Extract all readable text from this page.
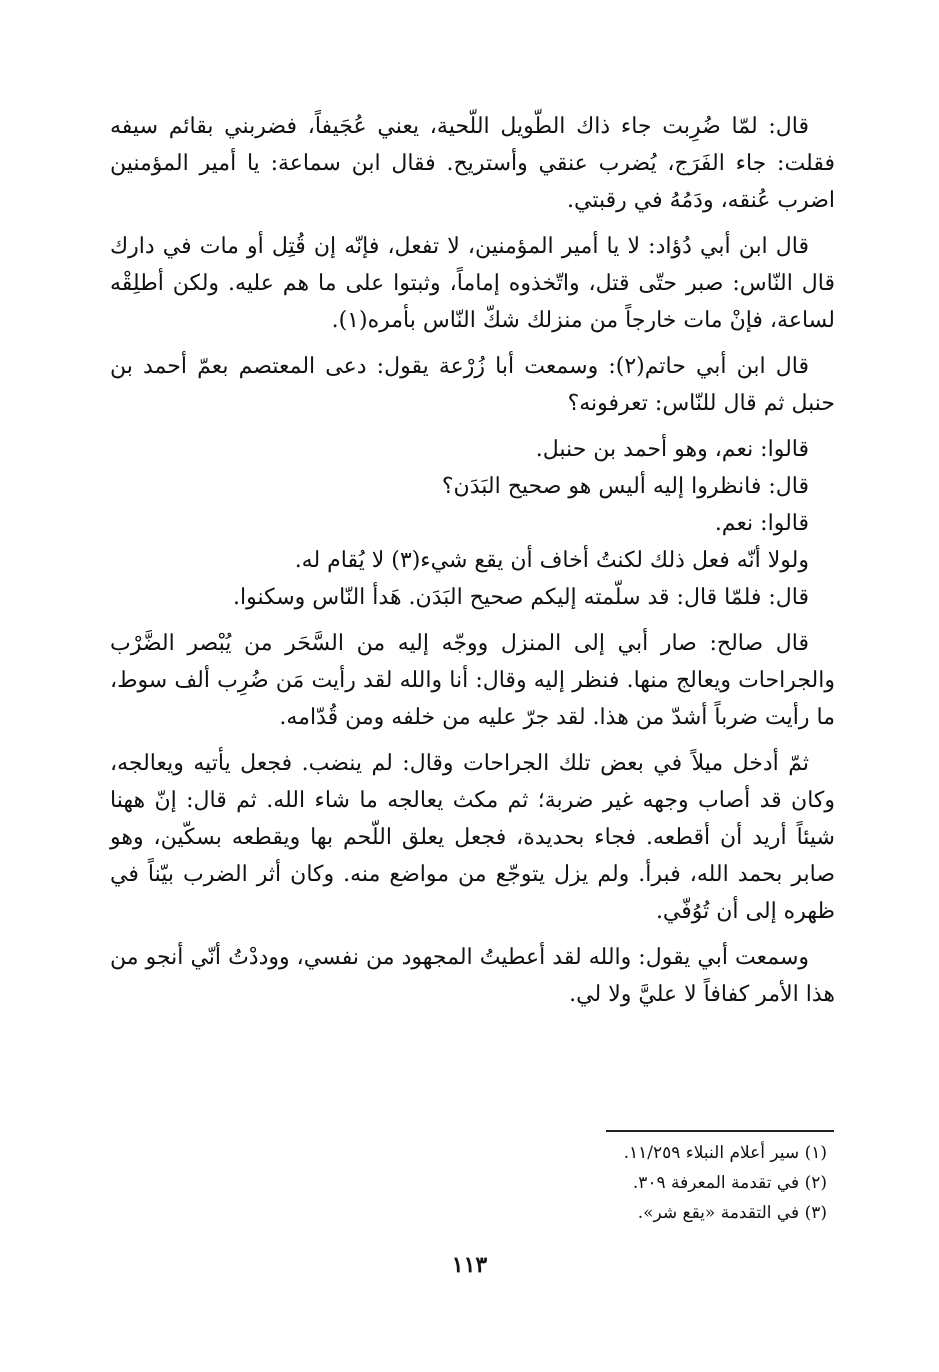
قال: لمّا ضُرِبت جاء ذاك الطّويل اللّحية، يعني عُجَيفاً، فضربني بقائم سيفه فقلت: جاء الفَرَج، يُضرب عنقي وأستريح. فقال ابن سماعة: يا أمير المؤمنين اضرب عُنقه، ودَمُهُ في رقبتي.

قال ابن أبي دُؤاد: لا يا أمير المؤمنين، لا تفعل، فإنّه إن قُتِل أو مات في دارك قال النّاس: صبر حتّى قتل، واتّخذوه إماماً، وثبتوا على ما هم عليه. ولكن أطلِقْه لساعة، فإنْ مات خارجاً من منزلك شكّ النّاس بأمره(١).

قال ابن أبي حاتم(٢): وسمعت أبا زُرْعة يقول: دعى المعتصم بعمّ أحمد بن حنبل ثم قال للنّاس: تعرفونه؟

قالوا: نعم، وهو أحمد بن حنبل.
قال: فانظروا إليه أليس هو صحيح البَدَن؟
قالوا: نعم.
ولولا أنّه فعل ذلك لكنتُ أخاف أن يقع شيء(٣) لا يُقام له.
قال: فلمّا قال: قد سلّمته إليكم صحيح البَدَن. هَدأ النّاس وسكنوا.

قال صالح: صار أبي إلى المنزل ووجّه إليه من السَّحَر من يُبْصر الضَّرْب والجراحات ويعالج منها. فنظر إليه وقال: أنا والله لقد رأيت مَن ضُرِب ألف سوط، ما رأيت ضرباً أشدّ من هذا. لقد جرّ عليه من خلفه ومن قُدّامه.

ثمّ أدخل ميلاً في بعض تلك الجراحات وقال: لم ينضب. فجعل يأتيه ويعالجه، وكان قد أصاب وجهه غير ضربة؛ ثم مكث يعالجه ما شاء الله. ثم قال: إنّ ههنا شيئاً أريد أن أقطعه. فجاء بحديدة، فجعل يعلق اللّحم بها ويقطعه بسكّين، وهو صابر بحمد الله، فبرأ. ولم يزل يتوجّع من مواضع منه. وكان أثر الضرب بيّناً في ظهره إلى أن تُوُفّي.

وسمعت أبي يقول: والله لقد أعطيتُ المجهود من نفسي، ووددْتُ أنّي أنجو من هذا الأمر كفافاً لا عليَّ ولا لي.

(١) سير أعلام النبلاء ١١/٢٥٩.
(٢) في تقدمة المعرفة ٣٠٩.
(٣) في التقدمة «يقع شر».
١١٣
